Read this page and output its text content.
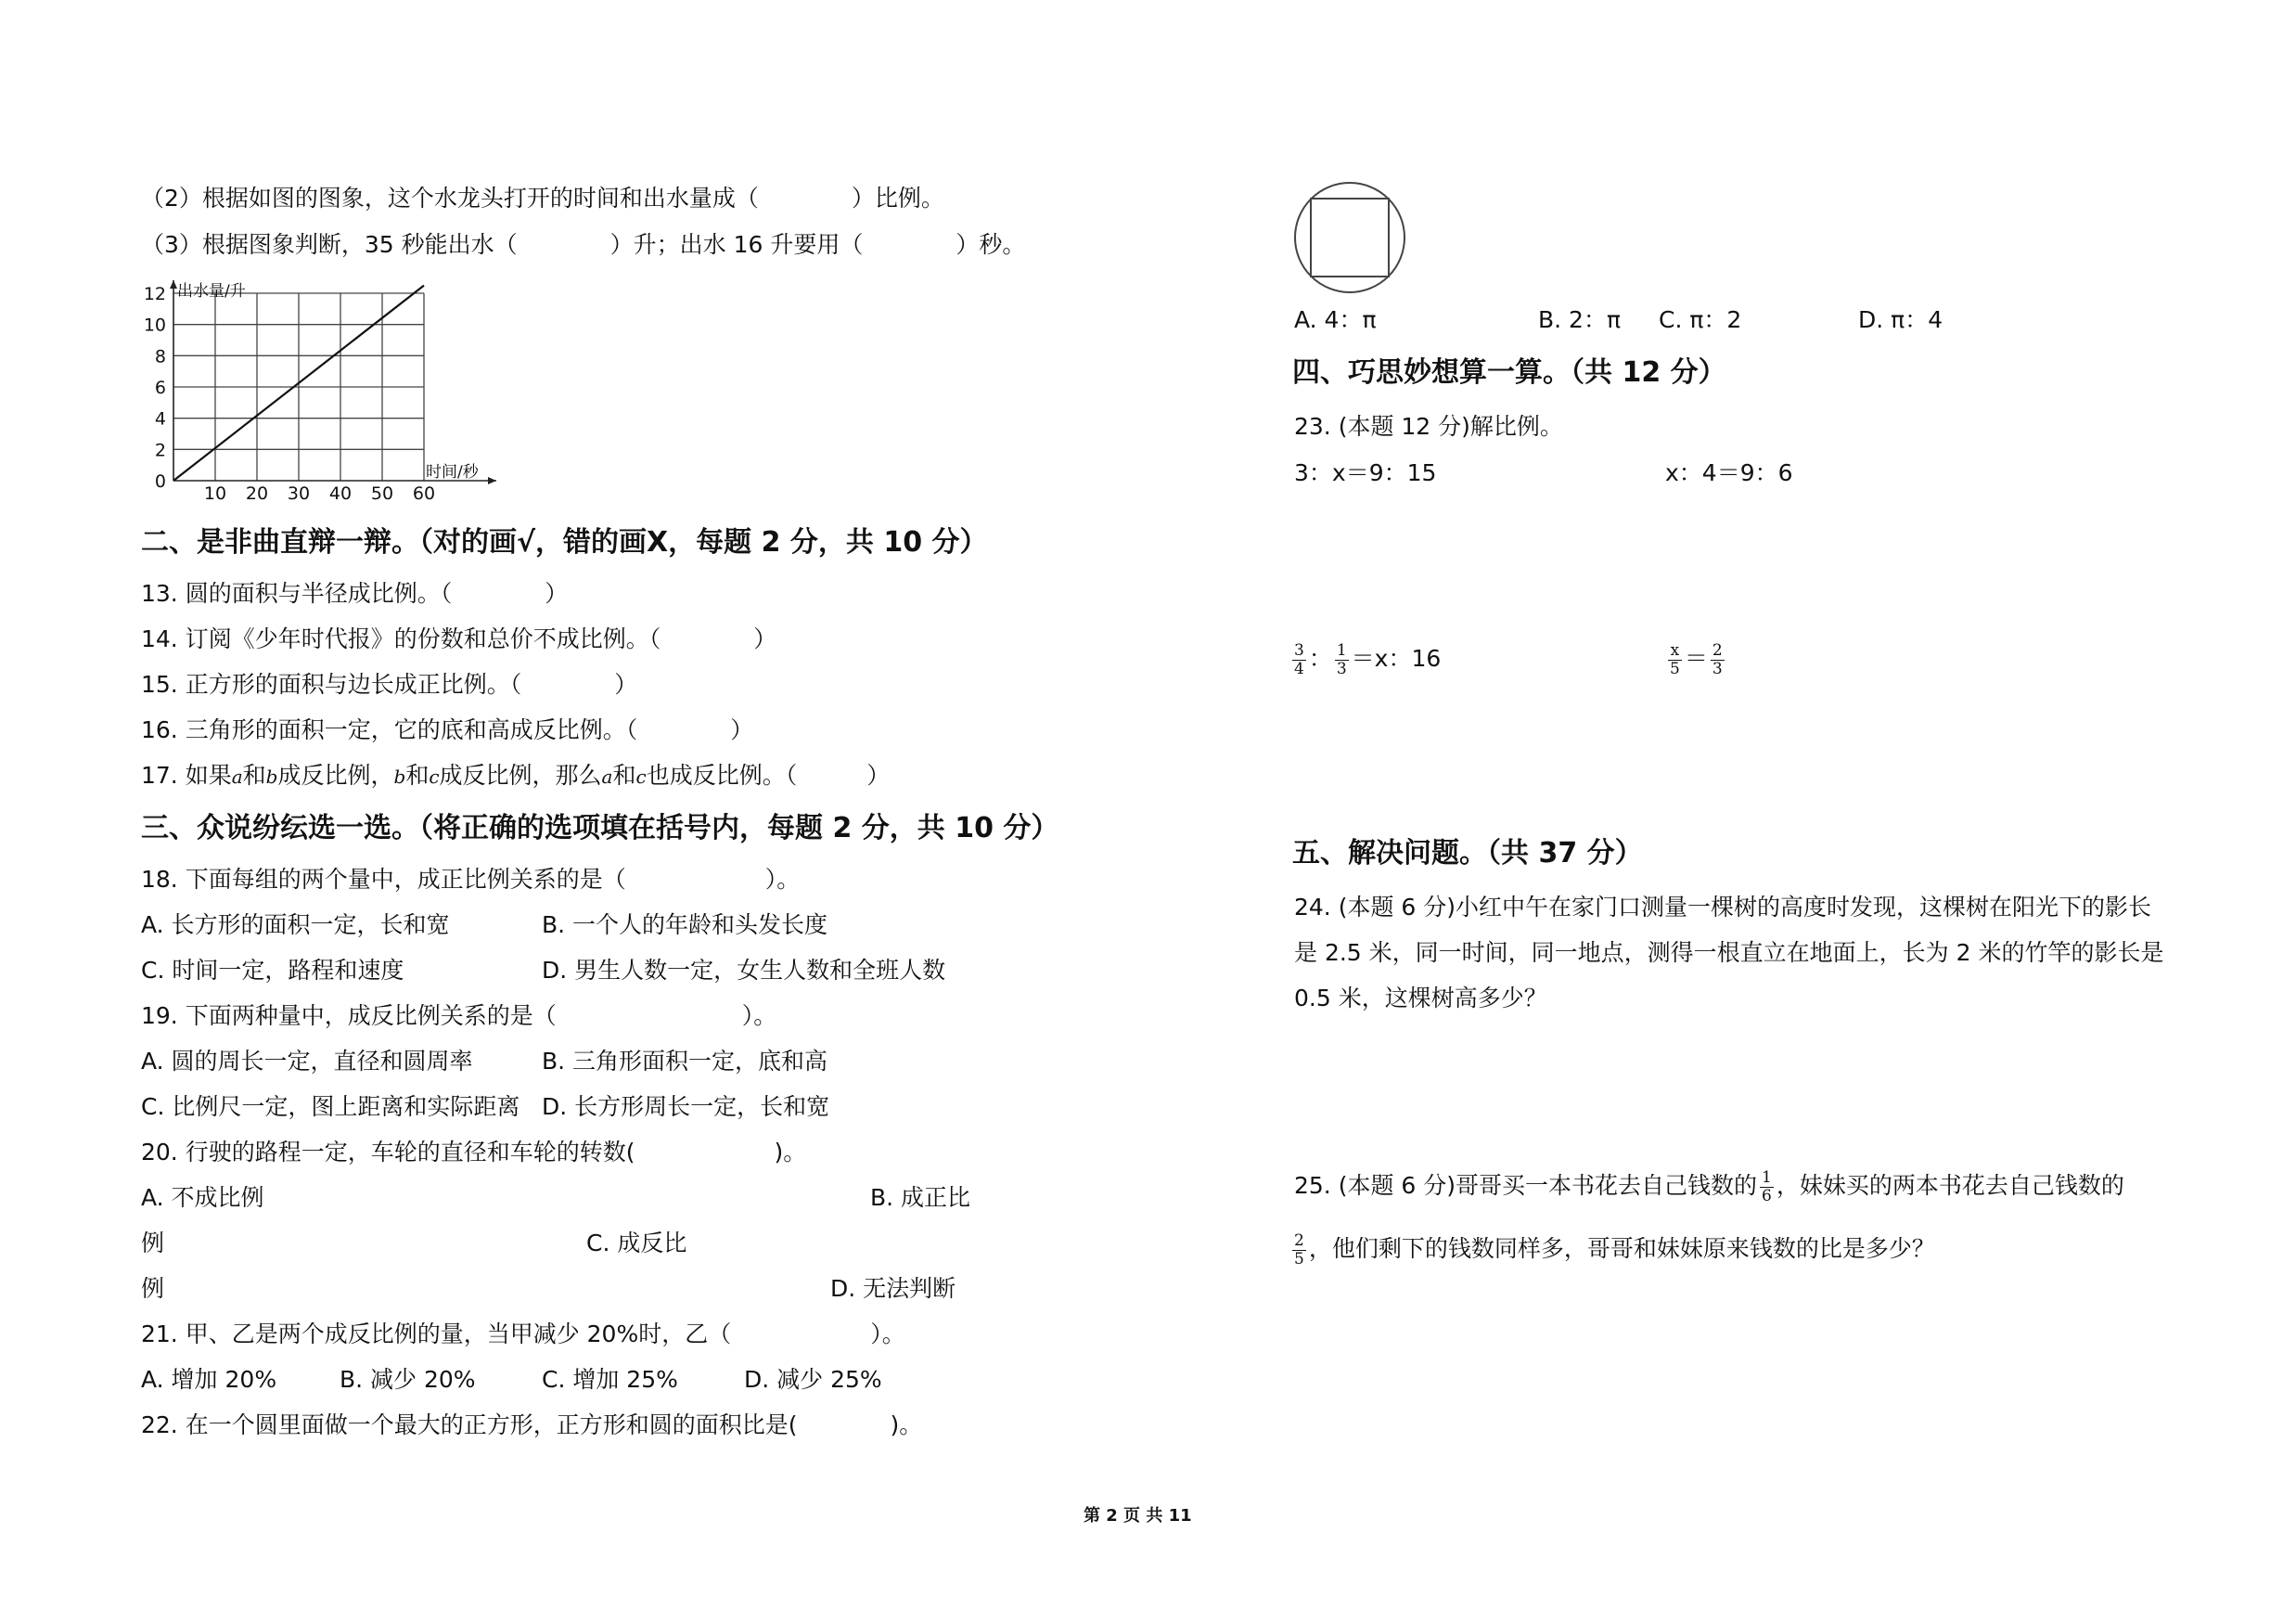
（2）根据如图的图象，这个水龙头打开的时间和出水量成（　　　　）比例。
（3）根据图象判断，35 秒能出水（　　　　）升；出水 16 升要用（　　　　）秒。
0
2
4
6
8
10
12
10 20 30 40 50 60
出水量/升
时间/秒
二、是非曲直辩一辩。（对的画√，错的画X，每题 2 分，共 10 分）
13. 圆的面积与半径成比例。（　　　　）
14. 订阅《少年时代报》的份数和总价不成比例。（　　　　）
15. 正方形的面积与边长成正比例。（　　　　）
16. 三角形的面积一定，它的底和高成反比例。（　　　　）
17. 如果a和b成反比例，b和c成反比例，那么a和c也成反比例。（　　　）
三、众说纷纭选一选。（将正确的选项填在括号内，每题 2 分，共 10 分）
18. 下面每组的两个量中，成正比例关系的是（　　　　　　）。
A. 长方形的面积一定，长和宽	B. 一个人的年龄和头发长度
C. 时间一定，路程和速度	D. 男生人数一定，女生人数和全班人数
19. 下面两种量中，成反比例关系的是（　　　　　　　　）。
A. 圆的周长一定，直径和圆周率	B. 三角形面积一定，底和高
C. 比例尺一定，图上距离和实际距离 D. 长方形周长一定，长和宽
20. 行驶的路程一定，车轮的直径和车轮的转数(　　　　　　)。
A. 不成比例	B. 成正比
例	C. 成反比
例	D. 无法判断
21. 甲、乙是两个成反比例的量，当甲减少 20%时，乙（　　　　　　）。
A. 增加 20%	B. 减少 20%	C. 增加 25%	D. 减少 25%
22. 在一个圆里面做一个最大的正方形，正方形和圆的面积比是(　　　　)。
A. 4：π	B. 2：π C. π：2	D. π：4
四、巧思妙想算一算。（共 12 分）
23. (本题 12 分)解比例。
3：x＝9：15	x：4＝9：6
$\frac{3}{4}$ ： $\frac{1}{3} =x$：16	$\frac{x}{5} = \frac{2}{3}$
五、解决问题。（共 37 分）
24. (本题 6 分)小红中午在家门口测量一棵树的高度时发现，这棵树在阳光下的影长
是 2.5 米，同一时间，同一地点，测得一根直立在地面上，长为 2 米的竹竿的影长是
0.5 米，这棵树高多少？
25. (本题 6 分)哥哥买一本书花去自己钱数的 $\frac{1}{6}$ ，妹妹买的两本书花去自己钱数的
$\frac{2}{5}$ ，他们剩下的钱数同样多，哥哥和妹妹原来钱数的比是多少？
第 2 页 共 11
